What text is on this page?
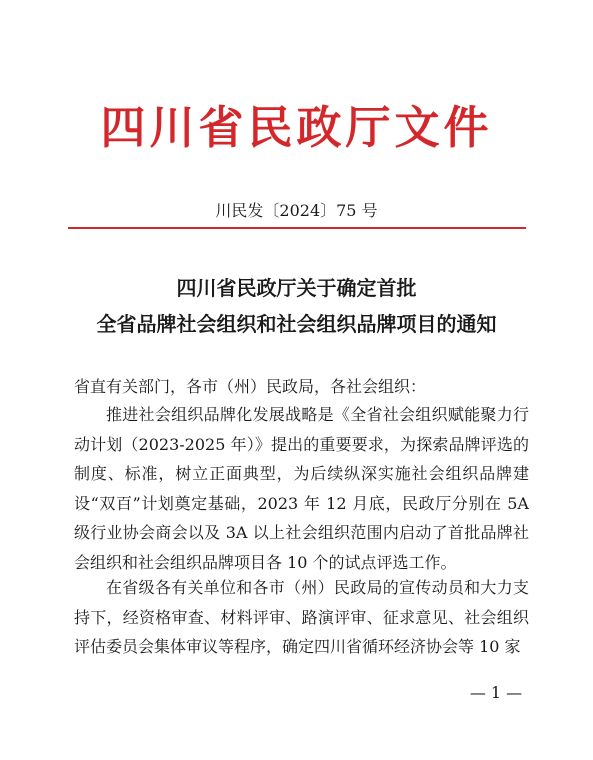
四川省民政厅文件
川民发〔2024〕75 号
四川省民政厅关于确定首批
全省品牌社会组织和社会组织品牌项目的通知
省直有关部门，各市（州）民政局，各社会组织：
推进社会组织品牌化发展战略是《全省社会组织赋能聚力行动计划（2023-2025 年）》提出的重要要求，为探索品牌评选的制度、标准，树立正面典型，为后续纵深实施社会组织品牌建设“双百”计划奠定基础，2023 年 12 月底，民政厅分别在 5A 级行业协会商会以及 3A 以上社会组织范围内启动了首批品牌社会组织和社会组织品牌项目各 10 个的试点评选工作。
在省级各有关单位和各市（州）民政局的宣传动员和大力支持下，经资格审查、材料评审、路演评审、征求意见、社会组织评估委员会集体审议等程序，确定四川省循环经济协会等 10 家
— 1 —
